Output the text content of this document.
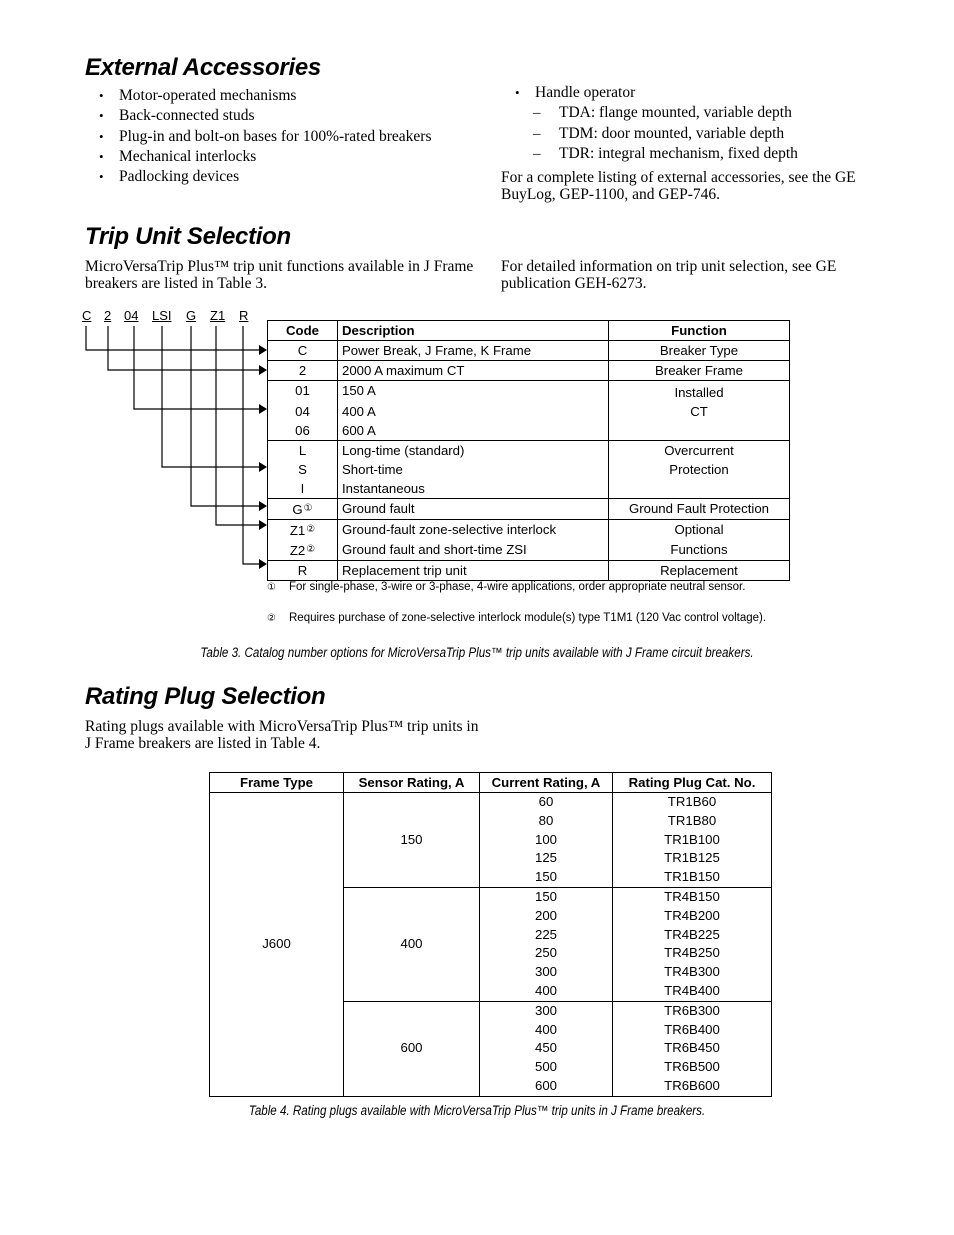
External Accessories
• Motor-operated mechanisms
• Back-connected studs
• Plug-in and bolt-on bases for 100%-rated breakers
• Mechanical interlocks
• Padlocking devices
• Handle operator
– TDA: flange mounted, variable depth
– TDM: door mounted, variable depth
– TDR: integral mechanism, fixed depth

For a complete listing of external accessories, see the GE BuyLog, GEP-1100, and GEP-746.

Trip Unit Selection

MicroVersaTrip Plus™ trip unit functions available in J Frame breakers are listed in Table 3.

For detailed information on trip unit selection, see GE publication GEH-6273.

C 2 04 LSI G Z1 R
Code	Description	Function
C	Power Break, J Frame, K Frame	Breaker Type
2	2000 A maximum CT	Breaker Frame
01	150 A	Installed
04	400 A	CT
06	600 A	
L	Long-time (standard)	Overcurrent
S	Short-time	Protection
I	Instantaneous	
G①	Ground fault	Ground Fault Protection
Z1②	Ground-fault zone-selective interlock	Optional
Z2②	Ground fault and short-time ZSI	Functions
R	Replacement trip unit	Replacement
① For single-phase, 3-wire or 3-phase, 4-wire applications, order appropriate neutral sensor.
② Requires purchase of zone-selective interlock module(s) type T1M1 (120 Vac control voltage).
Table 3. Catalog number options for MicroVersaTrip Plus™ trip units available with J Frame circuit breakers.
Rating Plug Selection

Rating plugs available with MicroVersaTrip Plus™ trip units in J Frame breakers are listed in Table 4.

Frame Type	Sensor Rating, A	Current Rating, A	Rating Plug Cat. No.
J600	150	60	TR1B60
		80	TR1B80
		100	TR1B100
		125	TR1B125
		150	TR1B150
	400	150	TR4B150
		200	TR4B200
		225	TR4B225
		250	TR4B250
		300	TR4B300
		400	TR4B400
	600	300	TR6B300
		400	TR6B400
		450	TR6B450
		500	TR6B500
		600	TR6B600
Table 4. Rating plugs available with MicroVersaTrip Plus™ trip units in J Frame breakers.
